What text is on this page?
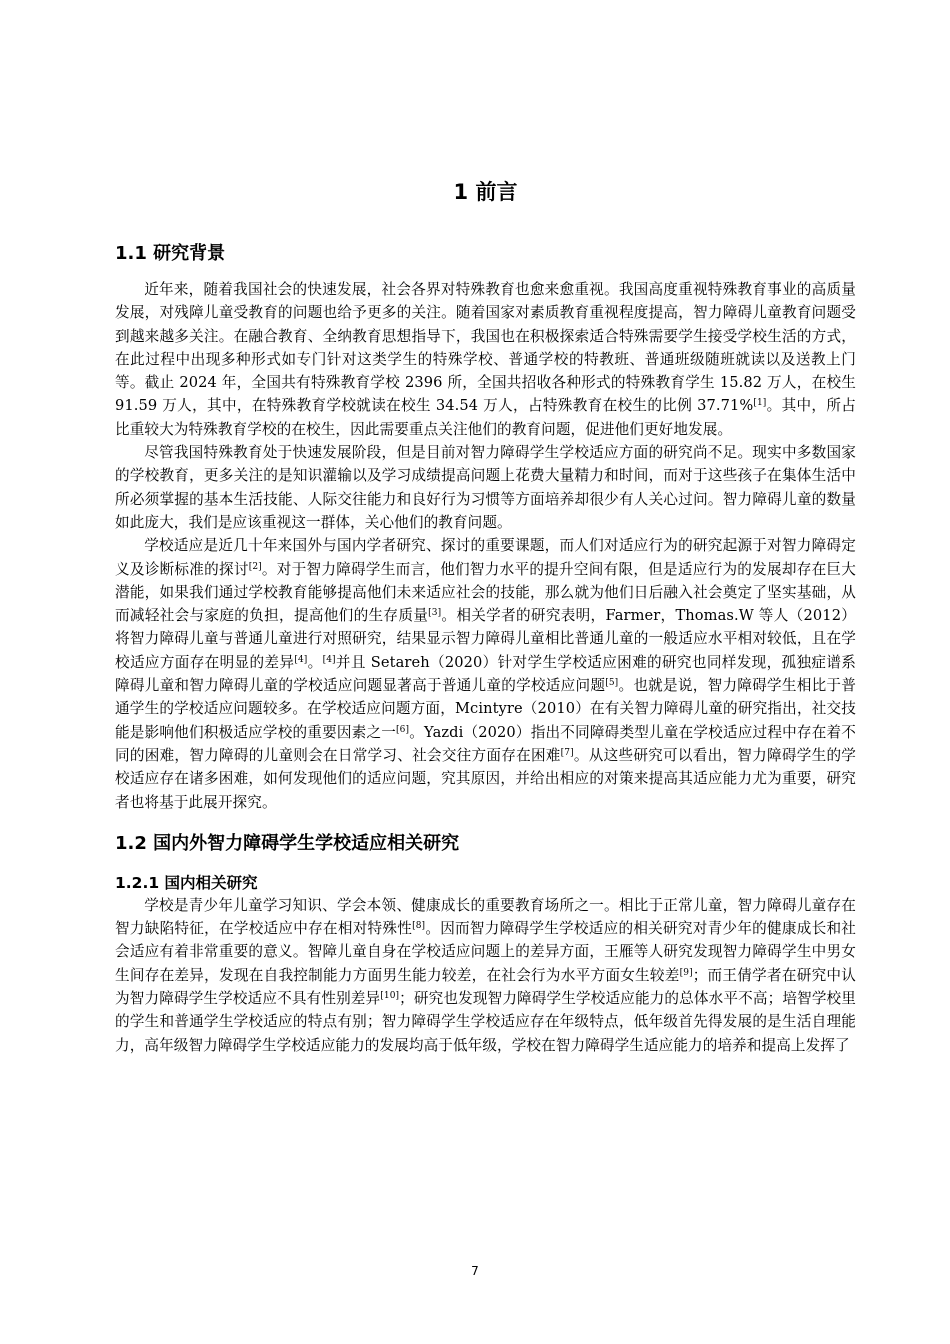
1 前言
1.1 研究背景

近年来，随着我国社会的快速发展，社会各界对特殊教育也愈来愈重视。我国高度重视特殊教育事业的高质量发展，对残障儿童受教育的问题也给予更多的关注。随着国家对素质教育重视程度提高，智力障碍儿童教育问题受到越来越多关注。在融合教育、全纳教育思想指导下，我国也在积极探索适合特殊需要学生接受学校生活的方式，在此过程中出现多种形式如专门针对这类学生的特殊学校、普通学校的特教班、普通班级随班就读以及送教上门等。截止 2024 年，全国共有特殊教育学校 2396 所，全国共招收各种形式的特殊教育学生 15.82 万人，在校生 91.59 万人，其中，在特殊教育学校就读在校生 34.54 万人，占特殊教育在校生的比例 37.71%[1]。其中，所占比重较大为特殊教育学校的在校生，因此需要重点关注他们的教育问题，促进他们更好地发展。

尽管我国特殊教育处于快速发展阶段，但是目前对智力障碍学生学校适应方面的研究尚不足。现实中多数国家的学校教育，更多关注的是知识灌输以及学习成绩提高问题上花费大量精力和时间，而对于这些孩子在集体生活中所必须掌握的基本生活技能、人际交往能力和良好行为习惯等方面培养却很少有人关心过问。智力障碍儿童的数量如此庞大，我们是应该重视这一群体，关心他们的教育问题。

学校适应是近几十年来国外与国内学者研究、探讨的重要课题，而人们对适应行为的研究起源于对智力障碍定义及诊断标准的探讨[2]。对于智力障碍学生而言，他们智力水平的提升空间有限，但是适应行为的发展却存在巨大潜能，如果我们通过学校教育能够提高他们未来适应社会的技能，那么就为他们日后融入社会奠定了坚实基础，从而减轻社会与家庭的负担，提高他们的生存质量[3]。相关学者的研究表明，Farmer，Thomas.W 等人（2012）将智力障碍儿童与普通儿童进行对照研究，结果显示智力障碍儿童相比普通儿童的一般适应水平相对较低，且在学校适应方面存在明显的差异[4]。[4]并且 Setareh（2020）针对学生学校适应困难的研究也同样发现，孤独症谱系障碍儿童和智力障碍儿童的学校适应问题显著高于普通儿童的学校适应问题[5]。也就是说，智力障碍学生相比于普通学生的学校适应问题较多。在学校适应问题方面，Mcintyre（2010）在有关智力障碍儿童的研究指出，社交技能是影响他们积极适应学校的重要因素之一[6]。Yazdi（2020）指出不同障碍类型儿童在学校适应过程中存在着不同的困难，智力障碍的儿童则会在日常学习、社会交往方面存在困难[7]。从这些研究可以看出，智力障碍学生的学校适应存在诸多困难，如何发现他们的适应问题，究其原因，并给出相应的对策来提高其适应能力尤为重要，研究者也将基于此展开探究。

1.2 国内外智力障碍学生学校适应相关研究
1.2.1 国内相关研究

学校是青少年儿童学习知识、学会本领、健康成长的重要教育场所之一。相比于正常儿童，智力障碍儿童存在智力缺陷特征，在学校适应中存在相对特殊性[8]。因而智力障碍学生学校适应的相关研究对青少年的健康成长和社会适应有着非常重要的意义。智障儿童自身在学校适应问题上的差异方面，王雁等人研究发现智力障碍学生中男女生间存在差异，发现在自我控制能力方面男生能力较差，在社会行为水平方面女生较差[9]；而王倩学者在研究中认为智力障碍学生学校适应不具有性别差异[10]；研究也发现智力障碍学生学校适应能力的总体水平不高；培智学校里的学生和普通学生学校适应的特点有别；智力障碍学生学校适应存在年级特点，低年级首先得发展的是生活自理能力，高年级智力障碍学生学校适应能力的发展均高于低年级，学校在智力障碍学生适应能力的培养和提高上发挥了

7
